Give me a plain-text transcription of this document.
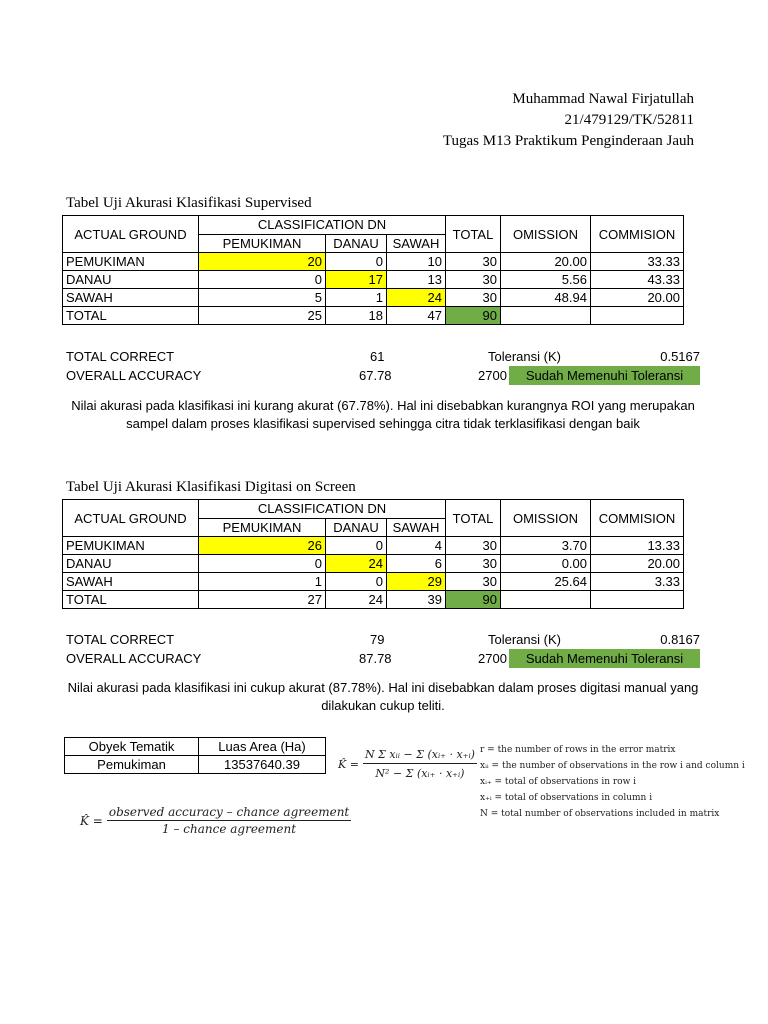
Muhammad Nawal Firjatullah
21/479129/TK/52811
Tugas M13 Praktikum Penginderaan Jauh
Tabel Uji Akurasi Klasifikasi Supervised
ACTUAL GROUND	CLASSIFICATION DN			TOTAL	OMISSION	COMMISION
	PEMUKIMAN	DANAU	SAWAH			
PEMUKIMAN	20	0	10	30	20.00	33.33
DANAU	0	17	13	30	5.56	43.33
SAWAH	5	1	24	30	48.94	20.00
TOTAL	25	18	47	90		
TOTAL CORRECT	61	Toleransi (K)	0.5167
OVERALL ACCURACY	67.78	2700	Sudah Memenuhi Toleransi
Nilai akurasi pada klasifikasi ini kurang akurat (67.78%). Hal ini disebabkan kurangnya ROI yang merupakan sampel dalam proses klasifikasi supervised sehingga citra tidak terklasifikasi dengan baik
Tabel Uji Akurasi Klasifikasi Digitasi on Screen
ACTUAL GROUND	CLASSIFICATION DN			TOTAL	OMISSION	COMMISION
	PEMUKIMAN	DANAU	SAWAH			
PEMUKIMAN	26	0	4	30	3.70	13.33
DANAU	0	24	6	30	0.00	20.00
SAWAH	1	0	29	30	25.64	3.33
TOTAL	27	24	39	90		
TOTAL CORRECT	79	Toleransi (K)	0.8167
OVERALL ACCURACY	87.78	2700	Sudah Memenuhi Toleransi
Nilai akurasi pada klasifikasi ini cukup akurat (87.78%). Hal ini disebabkan dalam proses digitasi manual yang dilakukan cukup teliti.
Obyek Tematik	Luas Area (Ha)
Pemukiman	13537640.39	K̂ =
N Σ xᵢᵢ − Σ (xᵢ₊ · x₊ᵢ)
N² − Σ (xᵢ₊ · x₊ᵢ)
r = the number of rows in the error matrix
xᵢᵢ = the number of observations in the row i and column i
xᵢ₊ = total of observations in row i
x₊ᵢ = total of observations in column i
N = total number of observations included in matrix
K̂ =
observed accuracy – chance agreement
1 – chance agreement
